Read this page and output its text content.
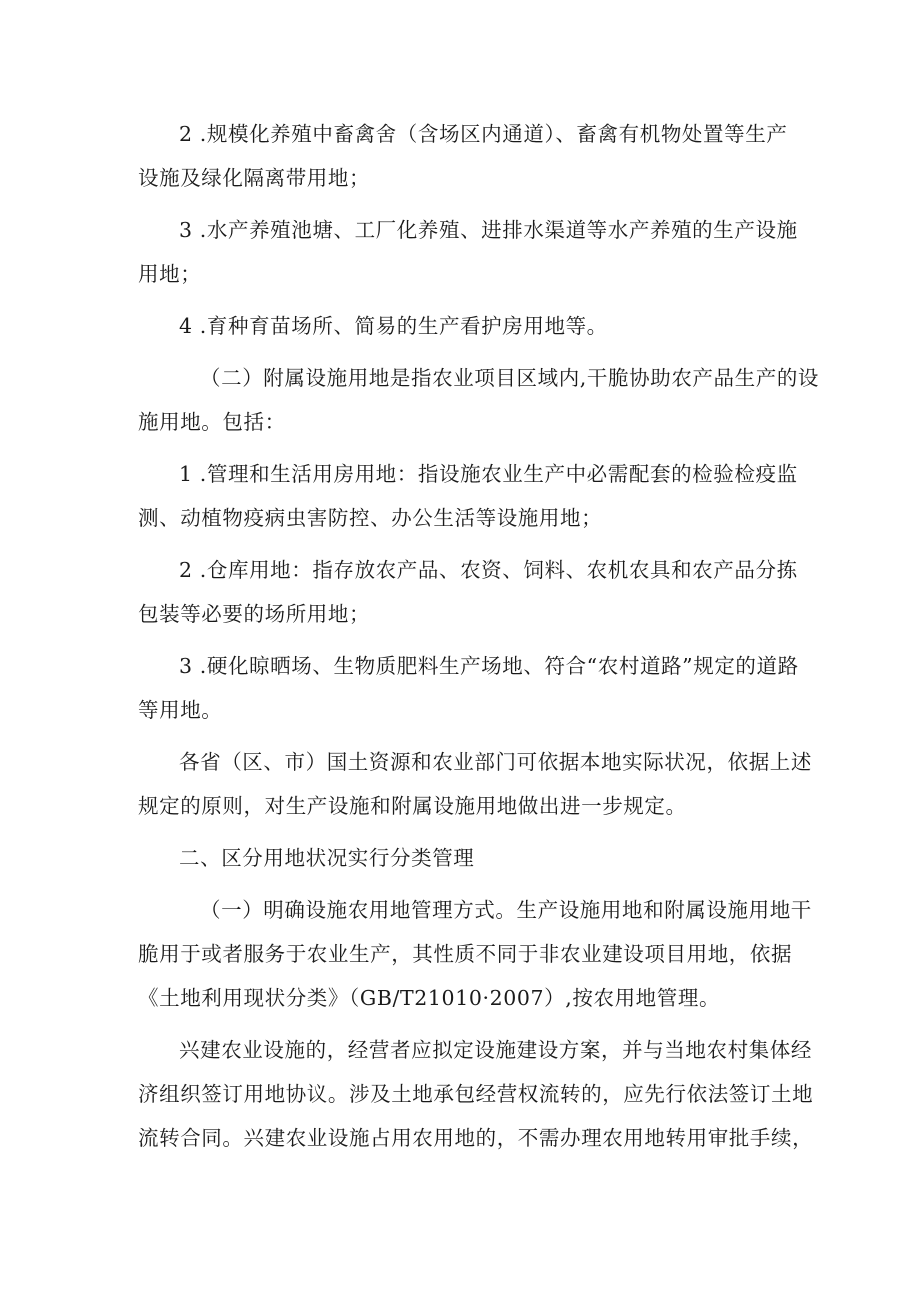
2 .规模化养殖中畜禽舍（含场区内通道）、畜禽有机物处置等生产
设施及绿化隔离带用地；
3 .水产养殖池塘、工厂化养殖、进排水渠道等水产养殖的生产设施
用地；
4 .育种育苗场所、简易的生产看护房用地等。
（二）附属设施用地是指农业项目区域内,干脆协助农产品生产的设
施用地。包括：
1 .管理和生活用房用地：指设施农业生产中必需配套的检验检疫监
测、动植物疫病虫害防控、办公生活等设施用地；
2 .仓库用地：指存放农产品、农资、饲料、农机农具和农产品分拣
包装等必要的场所用地；
3 .硬化晾晒场、生物质肥料生产场地、符合“农村道路”规定的道路
等用地。
各省（区、市）国土资源和农业部门可依据本地实际状况，依据上述
规定的原则，对生产设施和附属设施用地做出进一步规定。
二、区分用地状况实行分类管理
（一）明确设施农用地管理方式。生产设施用地和附属设施用地干
脆用于或者服务于农业生产，其性质不同于非农业建设项目用地，依据
《土地利用现状分类》（GB/T21010·2007）,按农用地管理。
兴建农业设施的，经营者应拟定设施建设方案，并与当地农村集体经
济组织签订用地协议。涉及土地承包经营权流转的，应先行依法签订土地
流转合同。兴建农业设施占用农用地的，不需办理农用地转用审批手续，
